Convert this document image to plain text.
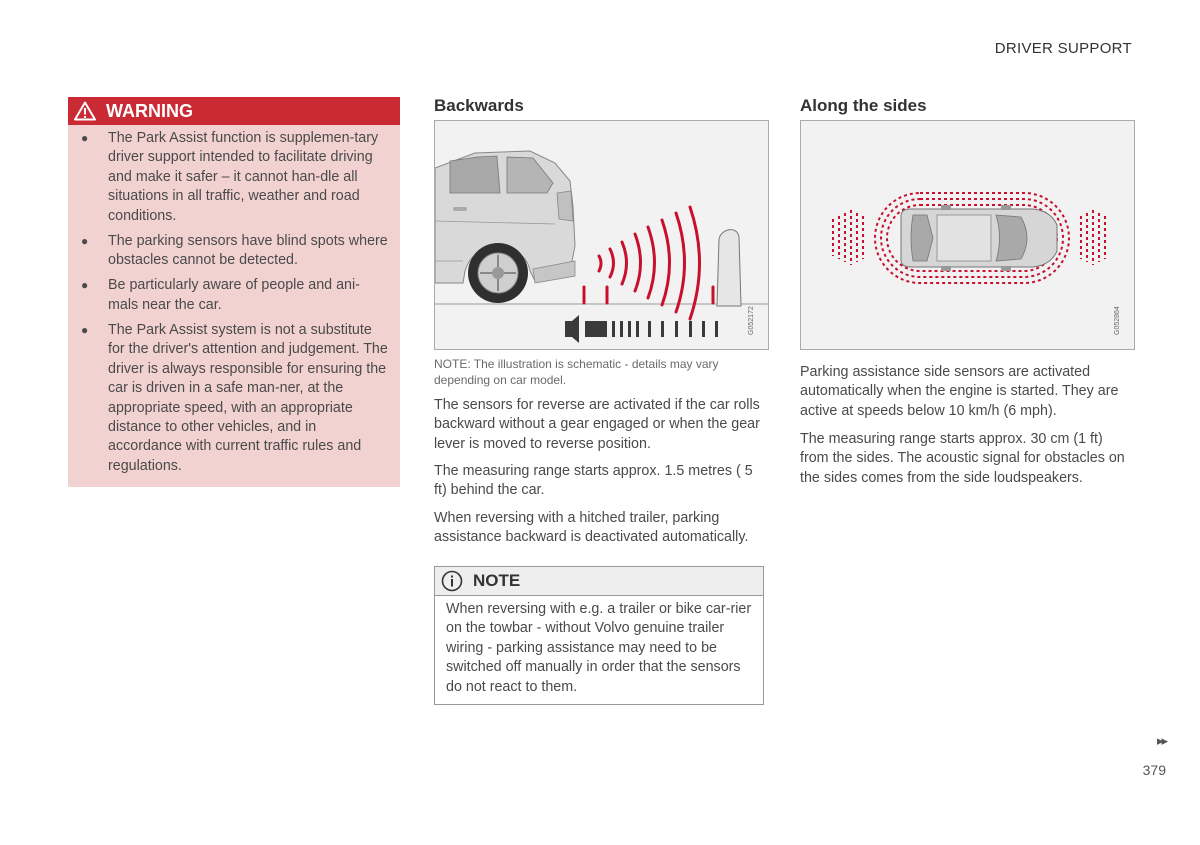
DRIVER SUPPORT
WARNING
● The Park Assist function is supplemen-tary driver support intended to facilitate driving and make it safer – it cannot han-dle all situations in all traffic, weather and road conditions.
● The parking sensors have blind spots where obstacles cannot be detected.
● Be particularly aware of people and ani-mals near the car.
● The Park Assist system is not a substitute for the driver's attention and judgement. The driver is always responsible for ensuring the car is driven in a safe man-ner, at the appropriate speed, with an appropriate distance to other vehicles, and in accordance with current traffic rules and regulations.
Backwards
G052172
NOTE: The illustration is schematic - details may vary depending on car model.

The sensors for reverse are activated if the car rolls backward without a gear engaged or when the gear lever is moved to reverse position.

The measuring range starts approx. 1.5 metres ( 5 ft) behind the car.

When reversing with a hitched trailer, parking assistance backward is deactivated automatically.

NOTE

When reversing with e.g. a trailer or bike car-rier on the towbar - without Volvo genuine trailer wiring - parking assistance may need to be switched off manually in order that the sensors do not react to them.

Along the sides
G052864

Parking assistance side sensors are activated automatically when the engine is started. They are active at speeds below 10 km/h (6 mph).

The measuring range starts approx. 30 cm (1 ft) from the sides. The acoustic signal for obstacles on the sides comes from the side loudspeakers.

▸▸
379
